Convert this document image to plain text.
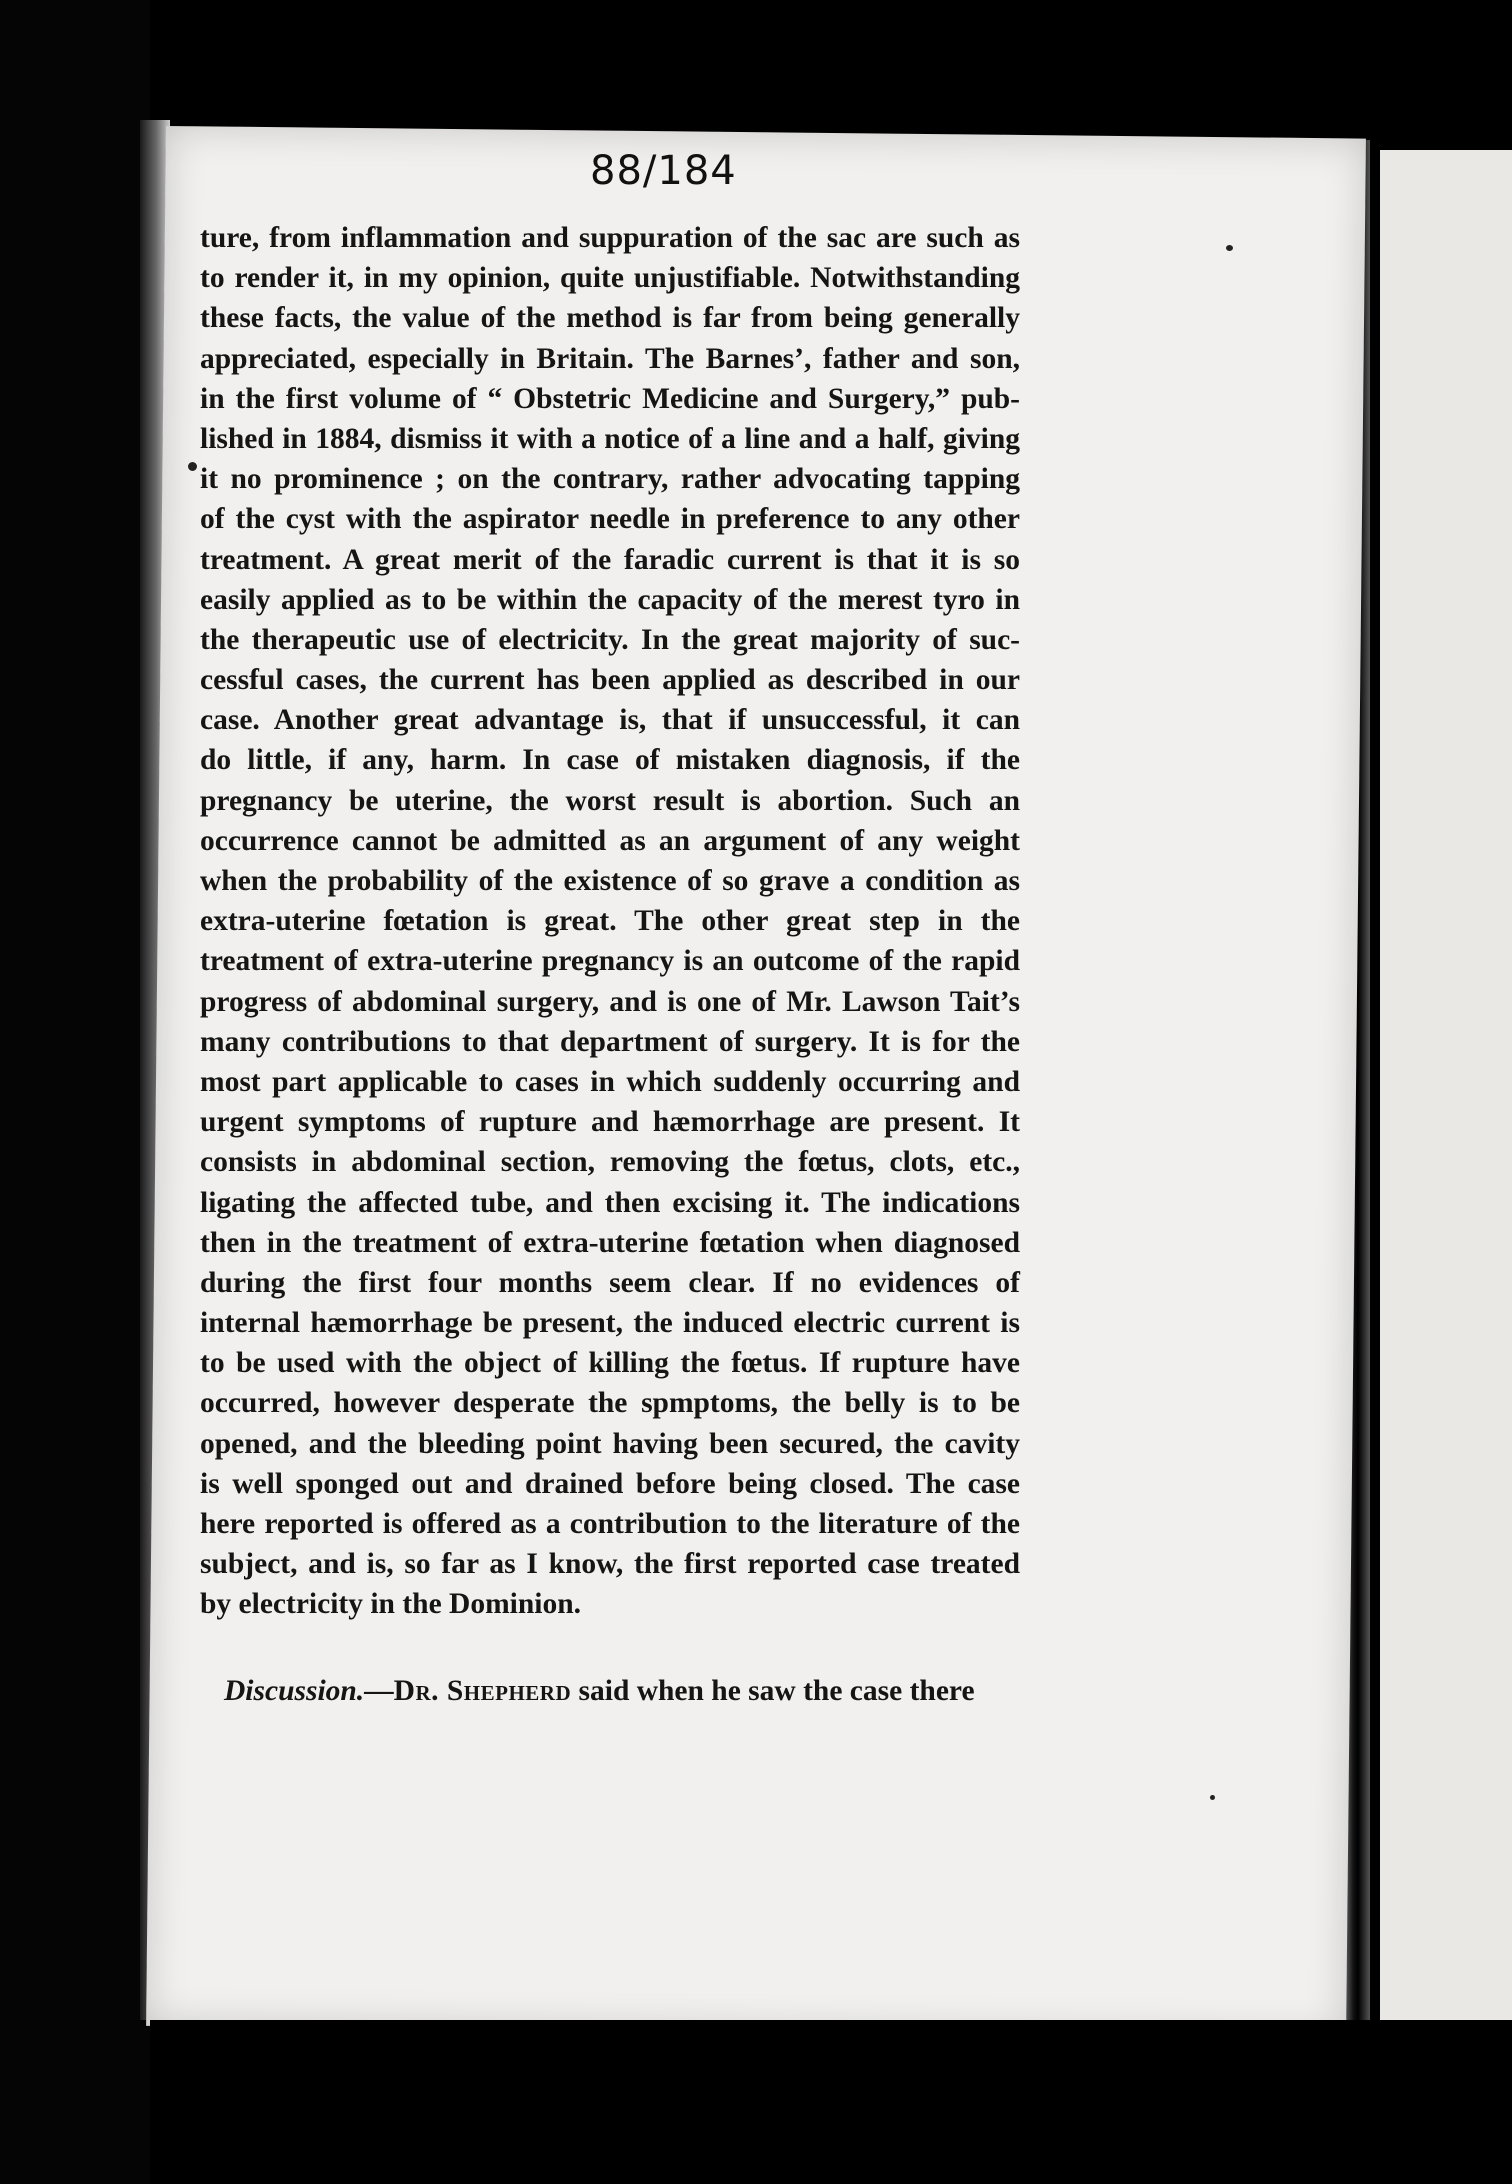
88/184
ture, from inflammation and suppuration of the sac are such as
to render it, in my opinion, quite unjustifiable. Notwithstanding
these facts, the value of the method is far from being generally
appreciated, especially in Britain. The Barnes’, father and son,
in the first volume of “ Obstetric Medicine and Surgery,” pub-
lished in 1884, dismiss it with a notice of a line and a half, giving
it no prominence ; on the contrary, rather advocating tapping
of the cyst with the aspirator needle in preference to any other
treatment. A great merit of the faradic current is that it is so
easily applied as to be within the capacity of the merest tyro in
the therapeutic use of electricity. In the great majority of suc-
cessful cases, the current has been applied as described in our
case. Another great advantage is, that if unsuccessful, it can
do little, if any, harm. In case of mistaken diagnosis, if the
pregnancy be uterine, the worst result is abortion. Such an
occurrence cannot be admitted as an argument of any weight
when the probability of the existence of so grave a condition as
extra-uterine fœtation is great. The other great step in the
treatment of extra-uterine pregnancy is an outcome of the rapid
progress of abdominal surgery, and is one of Mr. Lawson Tait’s
many contributions to that department of surgery. It is for the
most part applicable to cases in which suddenly occurring and
urgent symptoms of rupture and hæmorrhage are present. It
consists in abdominal section, removing the fœtus, clots, etc.,
ligating the affected tube, and then excising it. The indications
then in the treatment of extra-uterine fœtation when diagnosed
during the first four months seem clear. If no evidences of
internal hæmorrhage be present, the induced electric current is
to be used with the object of killing the fœtus. If rupture have
occurred, however desperate the spmptoms, the belly is to be
opened, and the bleeding point having been secured, the cavity
is well sponged out and drained before being closed. The case
here reported is offered as a contribution to the literature of the
subject, and is, so far as I know, the first reported case treated
by electricity in the Dominion.
Discussion.—Dr. Shepherd said when he saw the case there
